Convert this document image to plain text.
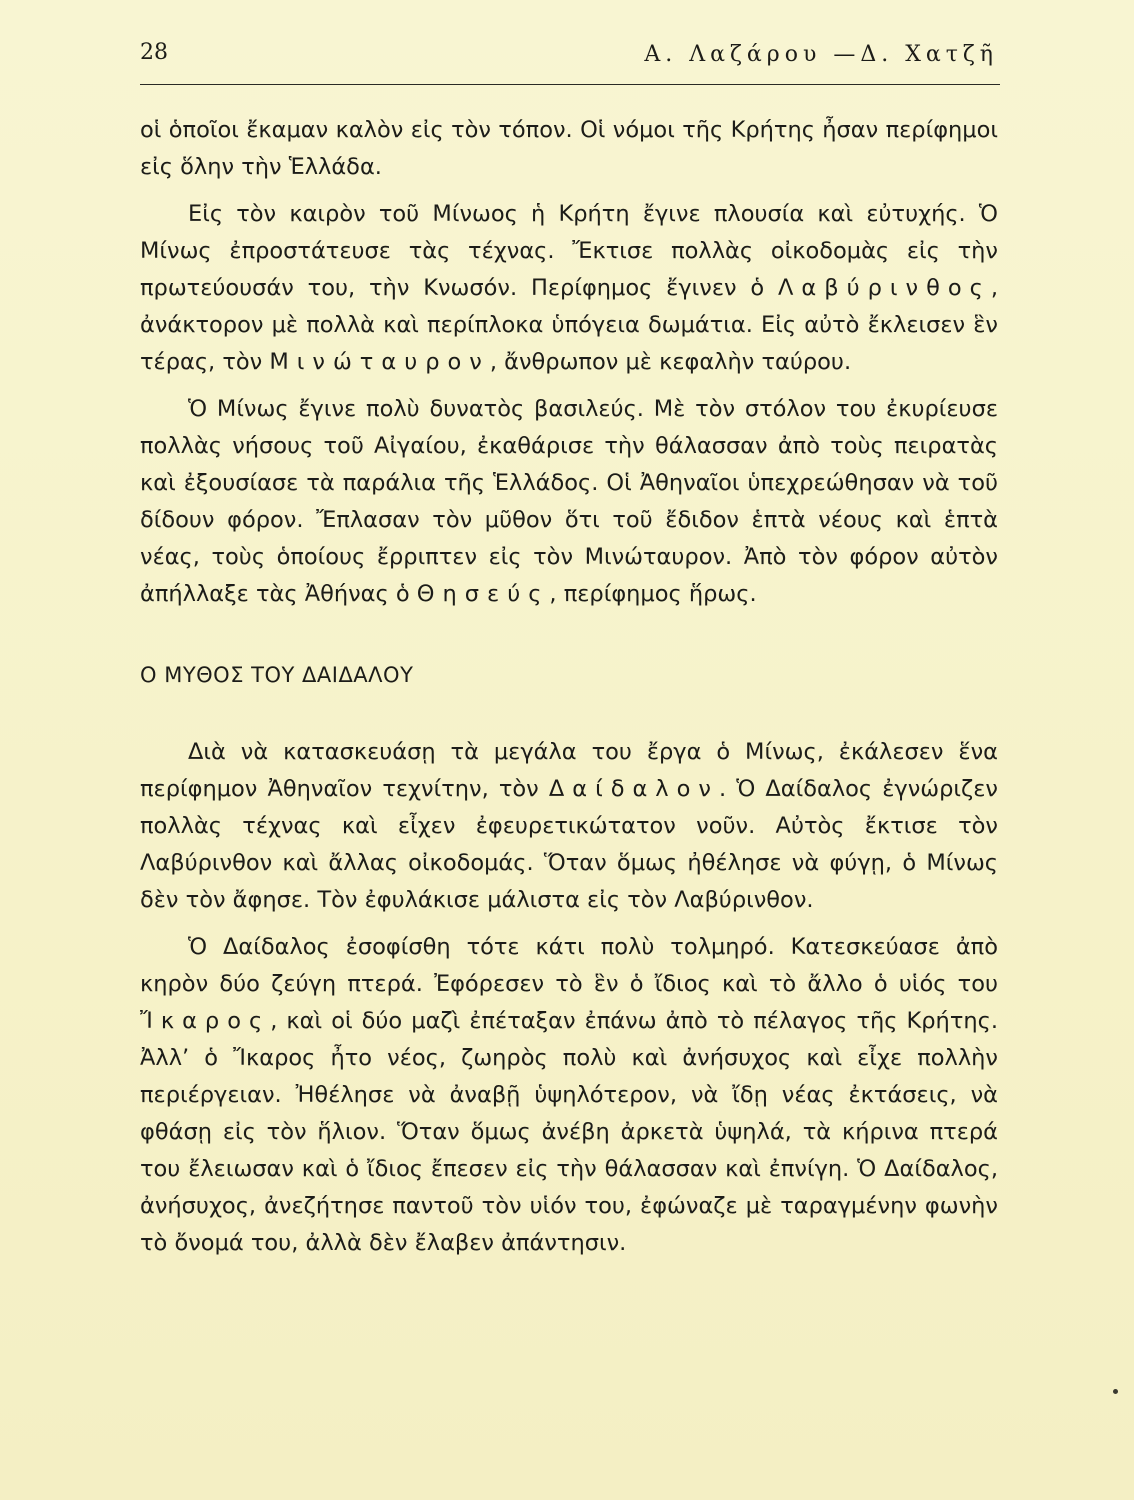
28	Α. Λαζάρου —Δ. Χατζῆ

οἱ ὁποῖοι ἔκαμαν καλὸν εἰς τὸν τόπον. Οἱ νόμοι τῆς Κρήτης ἦσαν περίφημοι εἰς ὅλην τὴν Ἑλλάδα.

Εἰς τὸν καιρὸν τοῦ Μίνωος ἡ Κρήτη ἔγινε πλουσία καὶ εὐτυχής. Ὁ Μίνως ἐπροστάτευσε τὰς τέχνας. Ἔκτισε πολλὰς οἰκοδομὰς εἰς τὴν πρωτεύουσάν του, τὴν Κνωσόν. Περίφημος ἔγινεν ὁ Λαβύρινθος, ἀνάκτορον μὲ πολλὰ καὶ περίπλοκα ὑπόγεια δωμάτια. Εἰς αὐτὸ ἔκλεισεν ἓν τέρας, τὸν Μινώταυρον, ἄνθρωπον μὲ κεφαλὴν ταύρου.

Ὁ Μίνως ἔγινε πολὺ δυνατὸς βασιλεύς. Μὲ τὸν στόλον του ἐκυρίευσε πολλὰς νήσους τοῦ Αἰγαίου, ἐκαθάρισε τὴν θάλασσαν ἀπὸ τοὺς πειρατὰς καὶ ἐξουσίασε τὰ παράλια τῆς Ἑλλάδος. Οἱ Ἀθηναῖοι ὑπεχρεώθησαν νὰ τοῦ δίδουν φόρον. Ἔπλασαν τὸν μῦθον ὅτι τοῦ ἔδιδον ἑπτὰ νέους καὶ ἑπτὰ νέας, τοὺς ὁποίους ἔρριπτεν εἰς τὸν Μινώταυρον. Ἀπὸ τὸν φόρον αὐτὸν ἀπήλλαξε τὰς Ἀθήνας ὁ Θησεύς, περίφημος ἥρως.

Ο ΜΥΘΟΣ ΤΟΥ ΔΑΙΔΑΛΟΥ

Διὰ νὰ κατασκευάσῃ τὰ μεγάλα του ἔργα ὁ Μίνως, ἐκάλεσεν ἕνα περίφημον Ἀθηναῖον τεχνίτην, τὸν Δαίδαλον. Ὁ Δαίδαλος ἐγνώριζεν πολλὰς τέχνας καὶ εἶχεν ἐφευρετικώτατον νοῦν. Αὐτὸς ἔκτισε τὸν Λαβύρινθον καὶ ἄλλας οἰκοδομάς. Ὅταν ὅμως ἠθέλησε νὰ φύγῃ, ὁ Μίνως δὲν τὸν ἄφησε. Τὸν ἐφυλάκισε μάλιστα εἰς τὸν Λαβύρινθον.

Ὁ Δαίδαλος ἐσοφίσθη τότε κάτι πολὺ τολμηρό. Κατεσκεύασε ἀπὸ κηρὸν δύο ζεύγη πτερά. Ἐφόρεσεν τὸ ἓν ὁ ἴδιος καὶ τὸ ἄλλο ὁ υἱός του Ἴκαρος, καὶ οἱ δύο μαζὶ ἐπέταξαν ἐπάνω ἀπὸ τὸ πέλαγος τῆς Κρήτης. Ἀλλ’ ὁ Ἴκαρος ἦτο νέος, ζωηρὸς πολὺ καὶ ἀνήσυχος καὶ εἶχε πολλὴν περιέργειαν. Ἠθέλησε νὰ ἀναβῇ ὑψηλότερον, νὰ ἴδῃ νέας ἐκτάσεις, νὰ φθάσῃ εἰς τὸν ἥλιον. Ὅταν ὅμως ἀνέβη ἀρκετὰ ὑψηλά, τὰ κήρινα πτερά του ἔλειωσαν καὶ ὁ ἴδιος ἔπεσεν εἰς τὴν θάλασσαν καὶ ἐπνίγη. Ὁ Δαίδαλος, ἀνήσυχος, ἀνεζήτησε παντοῦ τὸν υἱόν του, ἐφώναζε μὲ ταραγμένην φωνὴν τὸ ὄνομά του, ἀλλὰ δὲν ἔλαβεν ἀπάντησιν.
